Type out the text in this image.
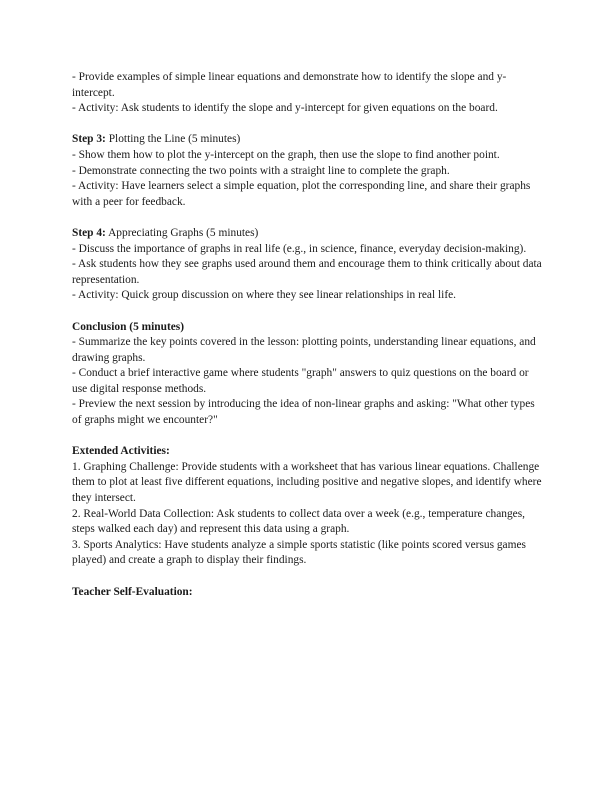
- Provide examples of simple linear equations and demonstrate how to identify the slope and y-intercept.
- Activity: Ask students to identify the slope and y-intercept for given equations on the board.
Step 3: Plotting the Line (5 minutes)
- Show them how to plot the y-intercept on the graph, then use the slope to find another point.
- Demonstrate connecting the two points with a straight line to complete the graph.
- Activity: Have learners select a simple equation, plot the corresponding line, and share their graphs with a peer for feedback.
Step 4: Appreciating Graphs (5 minutes)
- Discuss the importance of graphs in real life (e.g., in science, finance, everyday decision-making).
- Ask students how they see graphs used around them and encourage them to think critically about data representation.
- Activity: Quick group discussion on where they see linear relationships in real life.
Conclusion (5 minutes)
- Summarize the key points covered in the lesson: plotting points, understanding linear equations, and drawing graphs.
- Conduct a brief interactive game where students "graph" answers to quiz questions on the board or use digital response methods.
- Preview the next session by introducing the idea of non-linear graphs and asking: "What other types of graphs might we encounter?"
Extended Activities:
1. Graphing Challenge: Provide students with a worksheet that has various linear equations. Challenge them to plot at least five different equations, including positive and negative slopes, and identify where they intersect.
2. Real-World Data Collection: Ask students to collect data over a week (e.g., temperature changes, steps walked each day) and represent this data using a graph.
3. Sports Analytics: Have students analyze a simple sports statistic (like points scored versus games played) and create a graph to display their findings.
Teacher Self-Evaluation:
